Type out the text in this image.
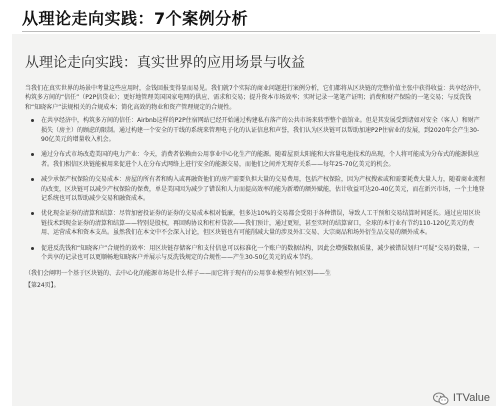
从理论走向实践：7个案例分析
从理论走向实践：真实世界的应用场景与收益
当我们在真实世界的场景中考量这些应用时，金钱回报变得显而易见。我们就7个实际的商业问题进行案例分析，它们都将从区块链的完整价值主张中获得收益：共享经济中，构筑多方间的“信任”（P2P信贷业）；更好地管理美国国家电网的供应、需求和交易；提升资本市场效率；实时记录一笔笔产证明；消费和财产保险的一笔交易；与反洗钱和“知晓客户”法规相关的合规成本；简化高效的物业和资产管理规定的合规性。
在共享经济中，构筑多方间的信任：Airbnb这样的P2P住宿网站已经开始通过构建私有落产的公共市场来转型整个旅馆业。但是其发展受到诸如对安全（客人）和财产损失（房主）的顾虑的限制。通过构建一个安全的干线的系统来管理电子化的认证信息和声誉，我们认为区块链可以帮助加速P2P住宿业的发展，到2020年会产生30-90亿美元的增量收入机会。
通过分布式市场改造美国的电力产业：今天，消费者依赖由公用事业中心化生产的能源。随着屋顶太阳能和大容量电池技术的出现，个人将可能成为分布式的能源供应者。我们相信区块链能被用来促进个人在分布式网络上进行安全的能源交易，而他们之间并无现存关系——每年25-70亿美元的机会。
减少承保产权保险的交易成本：房屋的所有者和购入或再融资他们的房产需要负担大量的交易费用，包括产权保险，因为产权搜索或和需要耗费大量人力，随着商业流程的改变，区块链可以减少产权保险的保费，单是美国因为减少了错误和人力而提高效率的能为新增的额外赋能，估计收益可达20-40亿美元，而在新兴市场，一个土地登记系统也可以帮助减少交易和融资成本。
优化现金证券的清算和结算：尽管加密投证券的证券的交易成本相对低廉，但多达10%的交易都会受阻于各种错误，导致人工干预和交易结算时间延长。通过应用区块链技术到现金证券的清算和结算——特别是股权，再回购协议和杠杆贷款——我们预计，通过更短，甚至实时的结算窗口，全球的本行业有节约110-120亿美元的费用、运营成本和资本支出。虽然我们在本文中不会深入讨论，但区块链也有可能削减大量的涉及外汇交易、大宗商品和场外衍生品交易的额外成本。
促进反洗钱和“知晓客户”合规性的效率：用区块链存储客户和支付信息可以标准化一个账户的数据结构，因此会增强数据质量，减少被错误划归“可疑”交易的数量，一个共享的记录也可以更顺畅地知晓客户并展示与反洗钱规定的合规性——产生30-50亿美元的成本节约。
（我们会阐明一个基于区块链的、去中心化的能源市场是什么样子——而它将于现有的公用事业模型有何区别——生
【第24页】。
ITValue
